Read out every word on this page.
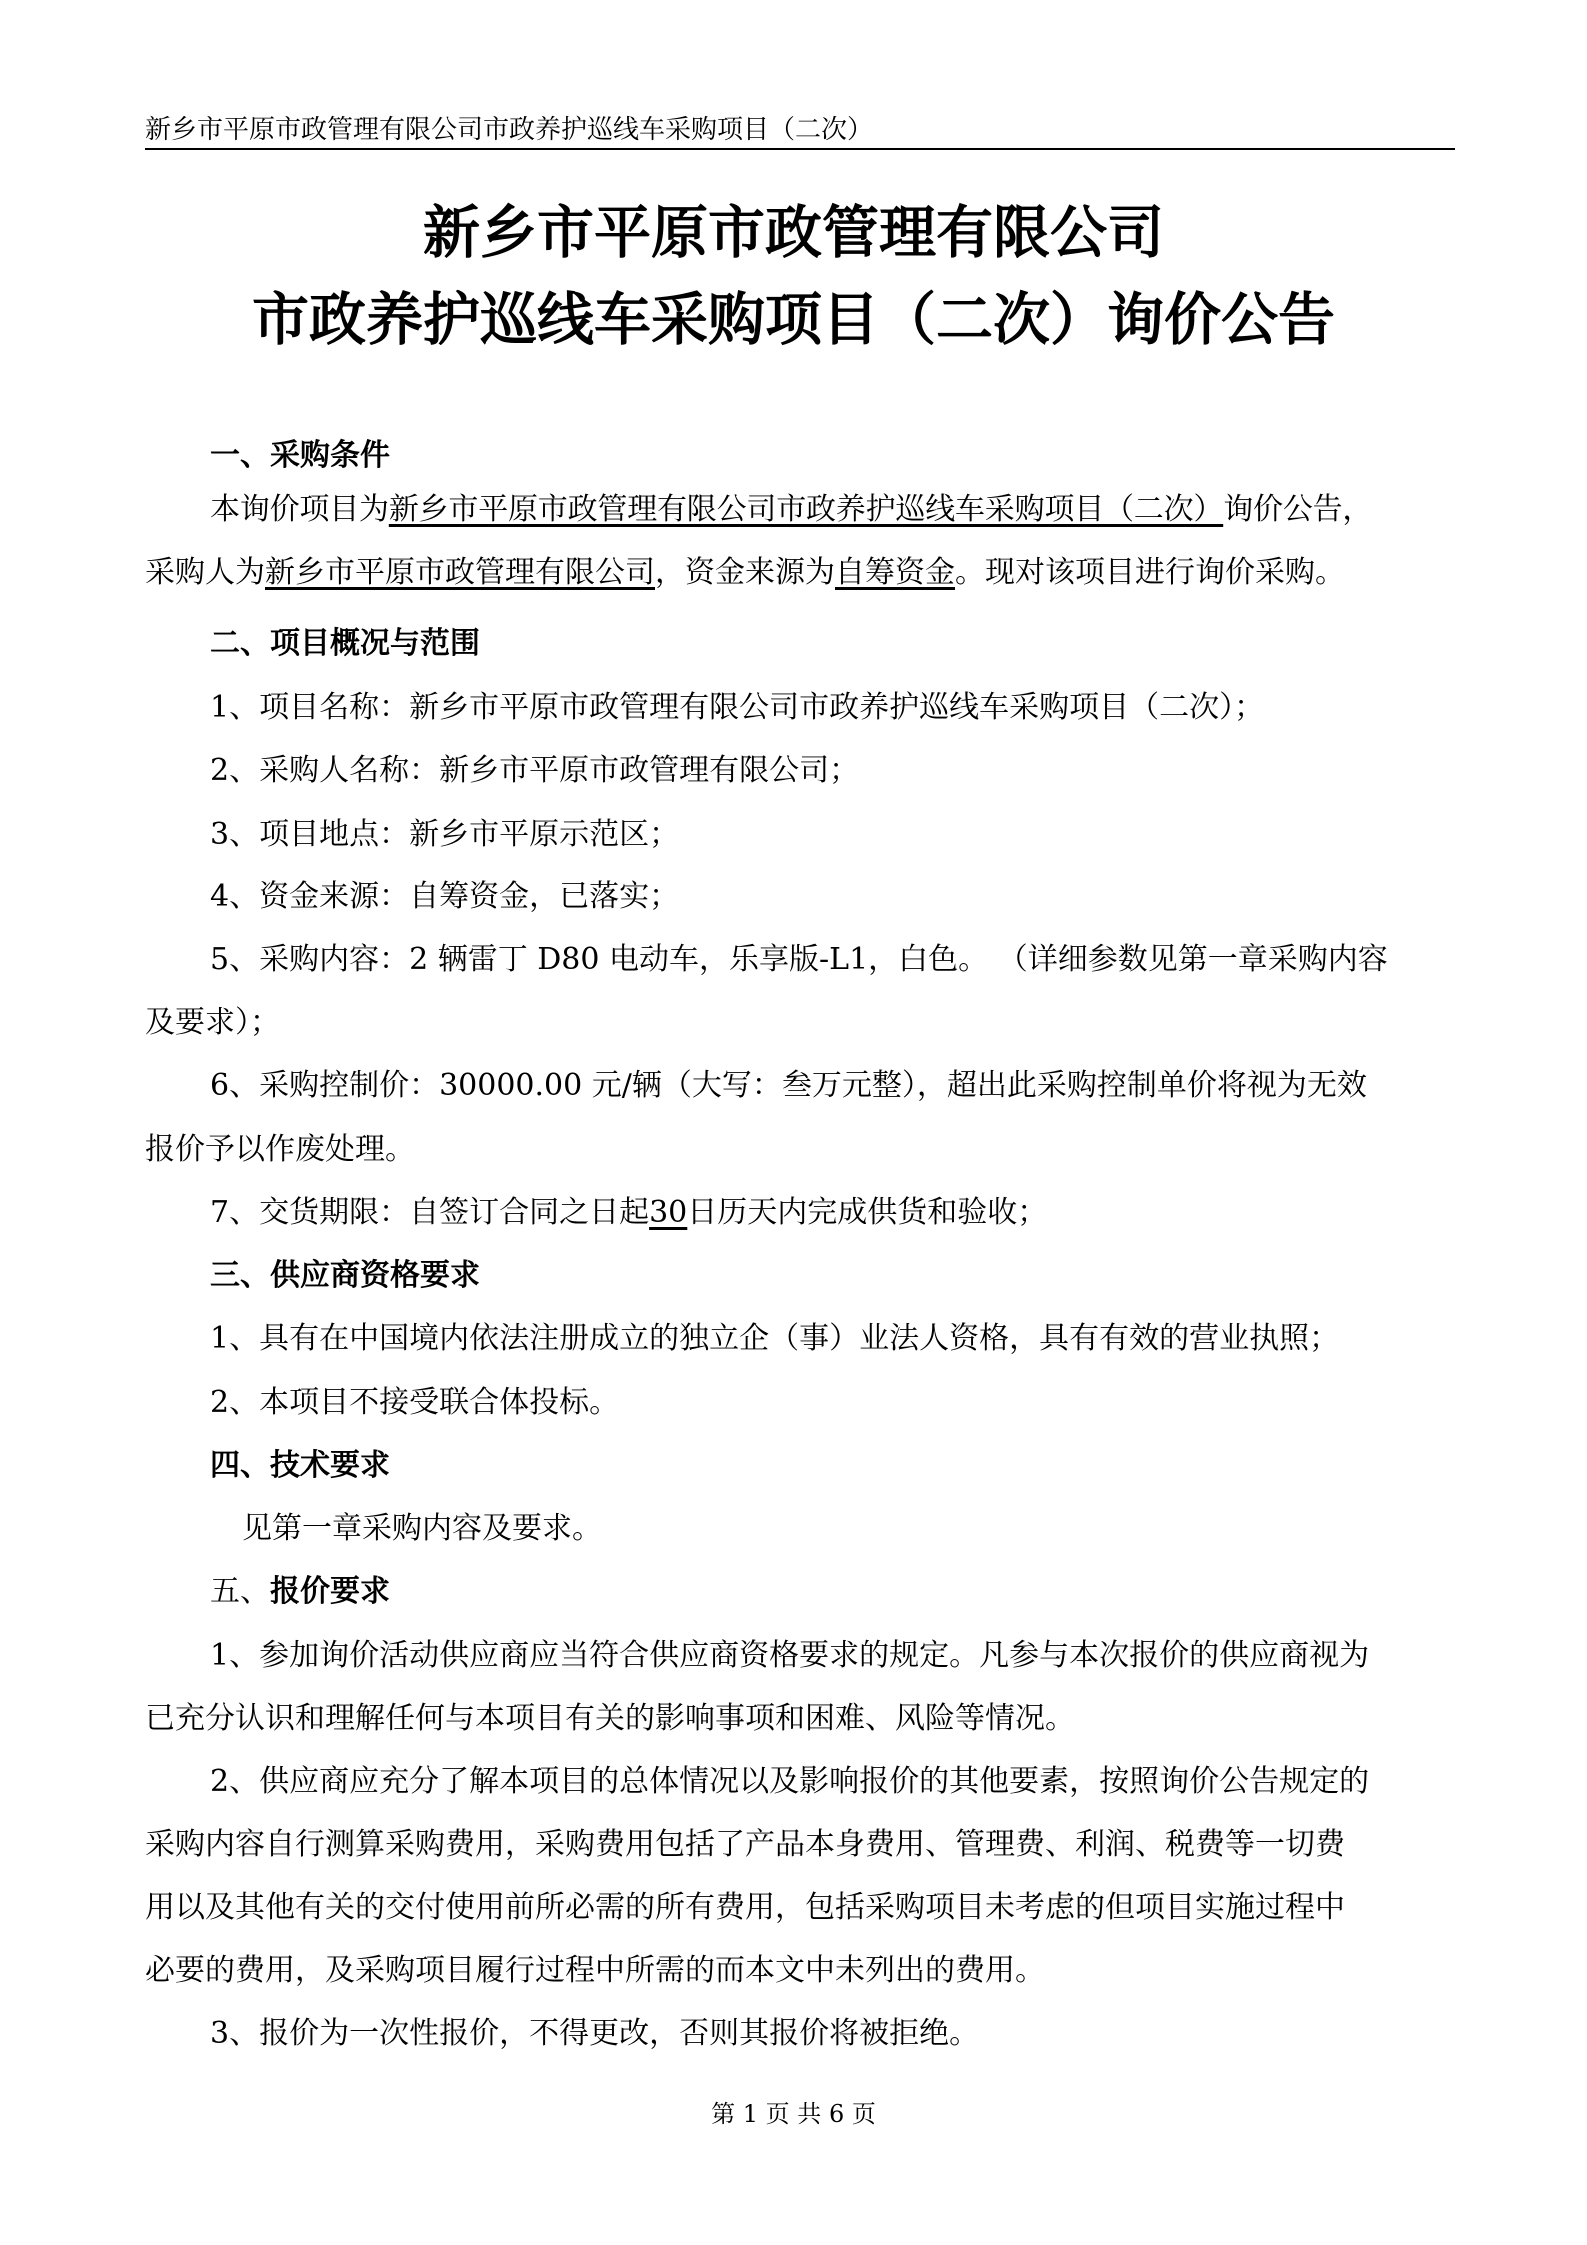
新乡市平原市政管理有限公司市政养护巡线车采购项目（二次）
新乡市平原市政管理有限公司
市政养护巡线车采购项目（二次）询价公告
一、采购条件
本询价项目为新乡市平原市政管理有限公司市政养护巡线车采购项目（二次）询价公告，
采购人为新乡市平原市政管理有限公司，资金来源为自筹资金。现对该项目进行询价采购。
二、项目概况与范围
1、项目名称：新乡市平原市政管理有限公司市政养护巡线车采购项目（二次）；
2、采购人名称：新乡市平原市政管理有限公司；
3、项目地点：新乡市平原示范区；
4、资金来源：自筹资金，已落实；
5、采购内容：2 辆雷丁 D80 电动车，乐享版-L1，白色。 （详细参数见第一章采购内容
及要求）；
6、采购控制价：30000.00 元/辆（大写：叁万元整），超出此采购控制单价将视为无效
报价予以作废处理。
7、交货期限：自签订合同之日起30日历天内完成供货和验收；
三、供应商资格要求
1、具有在中国境内依法注册成立的独立企（事）业法人资格，具有有效的营业执照；
2、本项目不接受联合体投标。
四、技术要求
见第一章采购内容及要求。
五、报价要求
1、参加询价活动供应商应当符合供应商资格要求的规定。凡参与本次报价的供应商视为
已充分认识和理解任何与本项目有关的影响事项和困难、风险等情况。
2、供应商应充分了解本项目的总体情况以及影响报价的其他要素，按照询价公告规定的
采购内容自行测算采购费用，采购费用包括了产品本身费用、管理费、利润、税费等一切费
用以及其他有关的交付使用前所必需的所有费用，包括采购项目未考虑的但项目实施过程中
必要的费用，及采购项目履行过程中所需的而本文中未列出的费用。
3、报价为一次性报价，不得更改，否则其报价将被拒绝。
第 1 页 共 6 页
